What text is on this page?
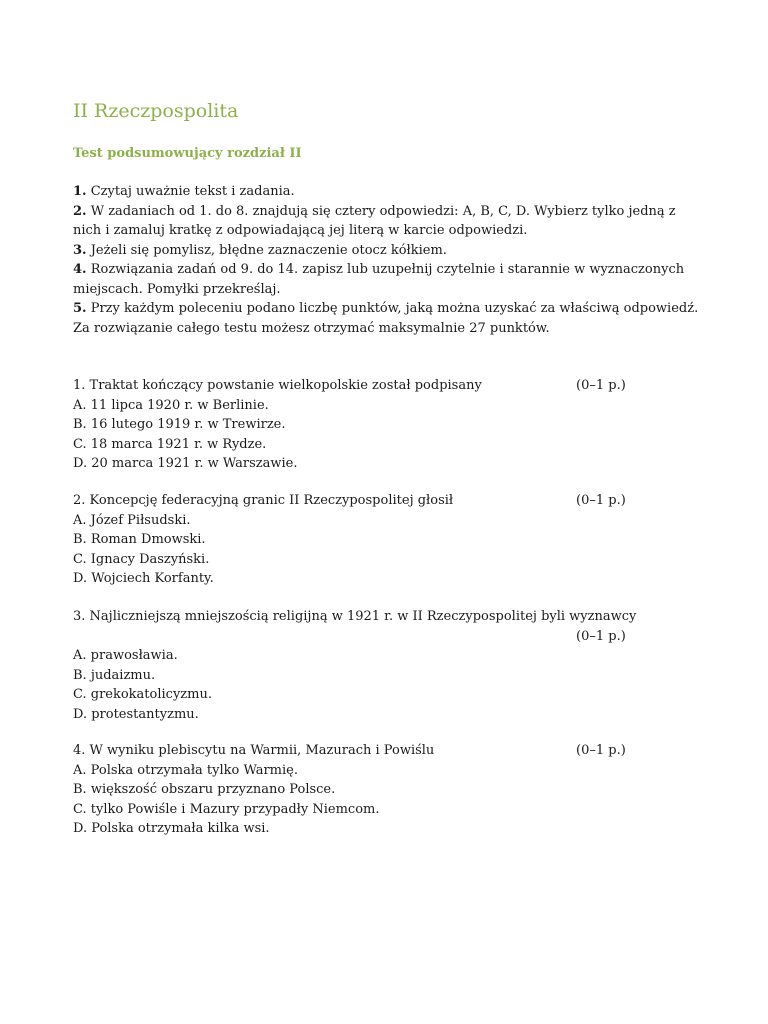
II Rzeczpospolita
Test podsumowujący rozdział II

1. Czytaj uważnie tekst i zadania.

2. W zadaniach od 1. do 8. znajdują się cztery odpowiedzi: A, B, C, D. Wybierz tylko jedną z nich i zamaluj kratkę z odpowiadającą jej literą w karcie odpowiedzi.

3. Jeżeli się pomylisz, błędne zaznaczenie otocz kółkiem.

4. Rozwiązania zadań od 9. do 14. zapisz lub uzupełnij czytelnie i starannie w wyznaczonych miejscach. Pomyłki przekreślaj.

5. Przy każdym poleceniu podano liczbę punktów, jaką można uzyskać za właściwą odpowiedź. Za rozwiązanie całego testu możesz otrzymać maksymalnie 27 punktów.

1. Traktat kończący powstanie wielkopolskie został podpisany	(0–1 p.)
A. 11 lipca 1920 r. w Berlinie.
B. 16 lutego 1919 r. w Trewirze.
C. 18 marca 1921 r. w Rydze.
D. 20 marca 1921 r. w Warszawie.
2. Koncepcję federacyjną granic II Rzeczypospolitej głosił	(0–1 p.)
A. Józef Piłsudski.
B. Roman Dmowski.
C. Ignacy Daszyński.
D. Wojciech Korfanty.
3. Najliczniejszą mniejszością religijną w 1921 r. w II Rzeczypospolitej byli wyznawcy
(0–1 p.)
A. prawosławia.
B. judaizmu.
C. grekokatolicyzmu.
D. protestantyzmu.
4. W wyniku plebiscytu na Warmii, Mazurach i Powiślu	(0–1 p.)
A. Polska otrzymała tylko Warmię.
B. większość obszaru przyznano Polsce.
C. tylko Powiśle i Mazury przypadły Niemcom.
D. Polska otrzymała kilka wsi.
